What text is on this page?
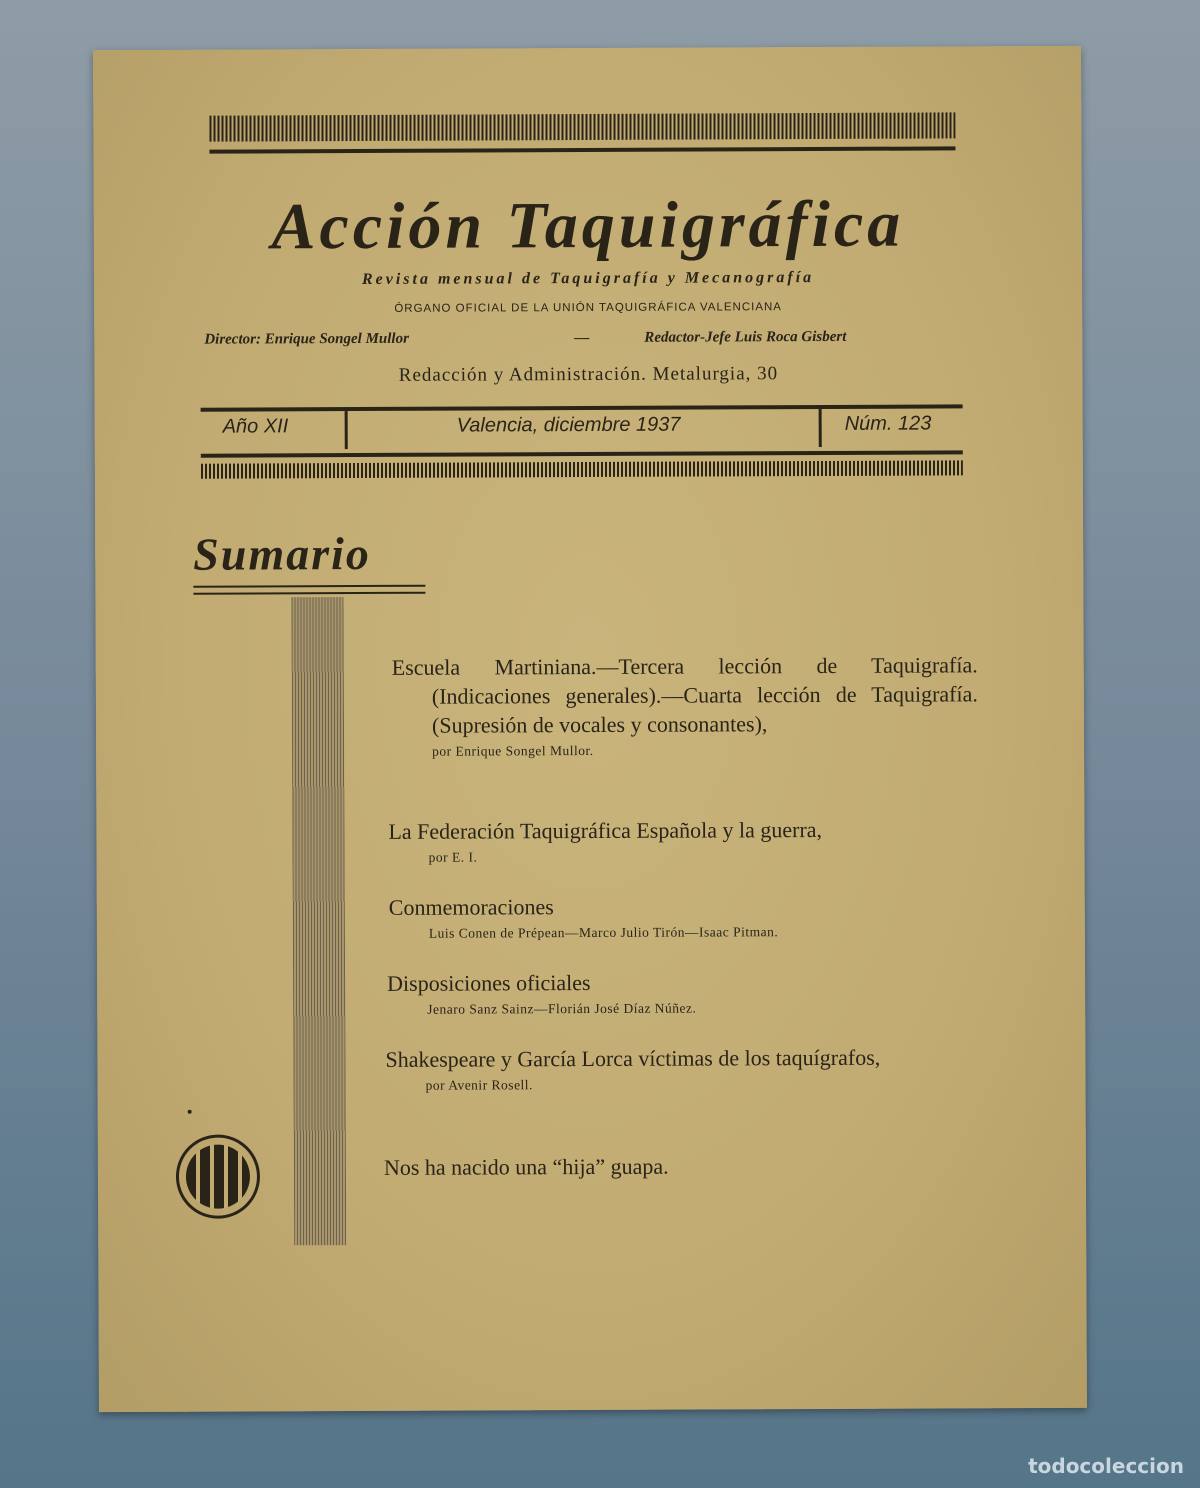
Acción Taquigráfica
Revista mensual de Taquigrafía y Mecanografía
ÓRGANO OFICIAL DE LA UNIÓN TAQUIGRÁFICA VALENCIANA
Director: Enrique Songel Mullor	—	Redactor-Jefe Luis Roca Gisbert
Redacción y Administración. Metalurgia, 30
Año XII	Valencia, diciembre 1937	Núm. 123
Sumario
Escuela Martiniana.—Tercera lección de Taquigrafía. (Indicaciones generales).—Cuarta lección de Taquigrafía. (Supresión de vocales y consonantes),
por Enrique Songel Mullor.
La Federación Taquigráfica Española y la guerra,
por E. I.
Conmemoraciones
Luis Conen de Prépean—Marco Julio Tirón—Isaac Pitman.
Disposiciones oficiales
Jenaro Sanz Sainz—Florián José Díaz Núñez.
Shakespeare y García Lorca víctimas de los taquígrafos,
por Avenir Rosell.
Nos ha nacido una “hija” guapa.
todocoleccion
